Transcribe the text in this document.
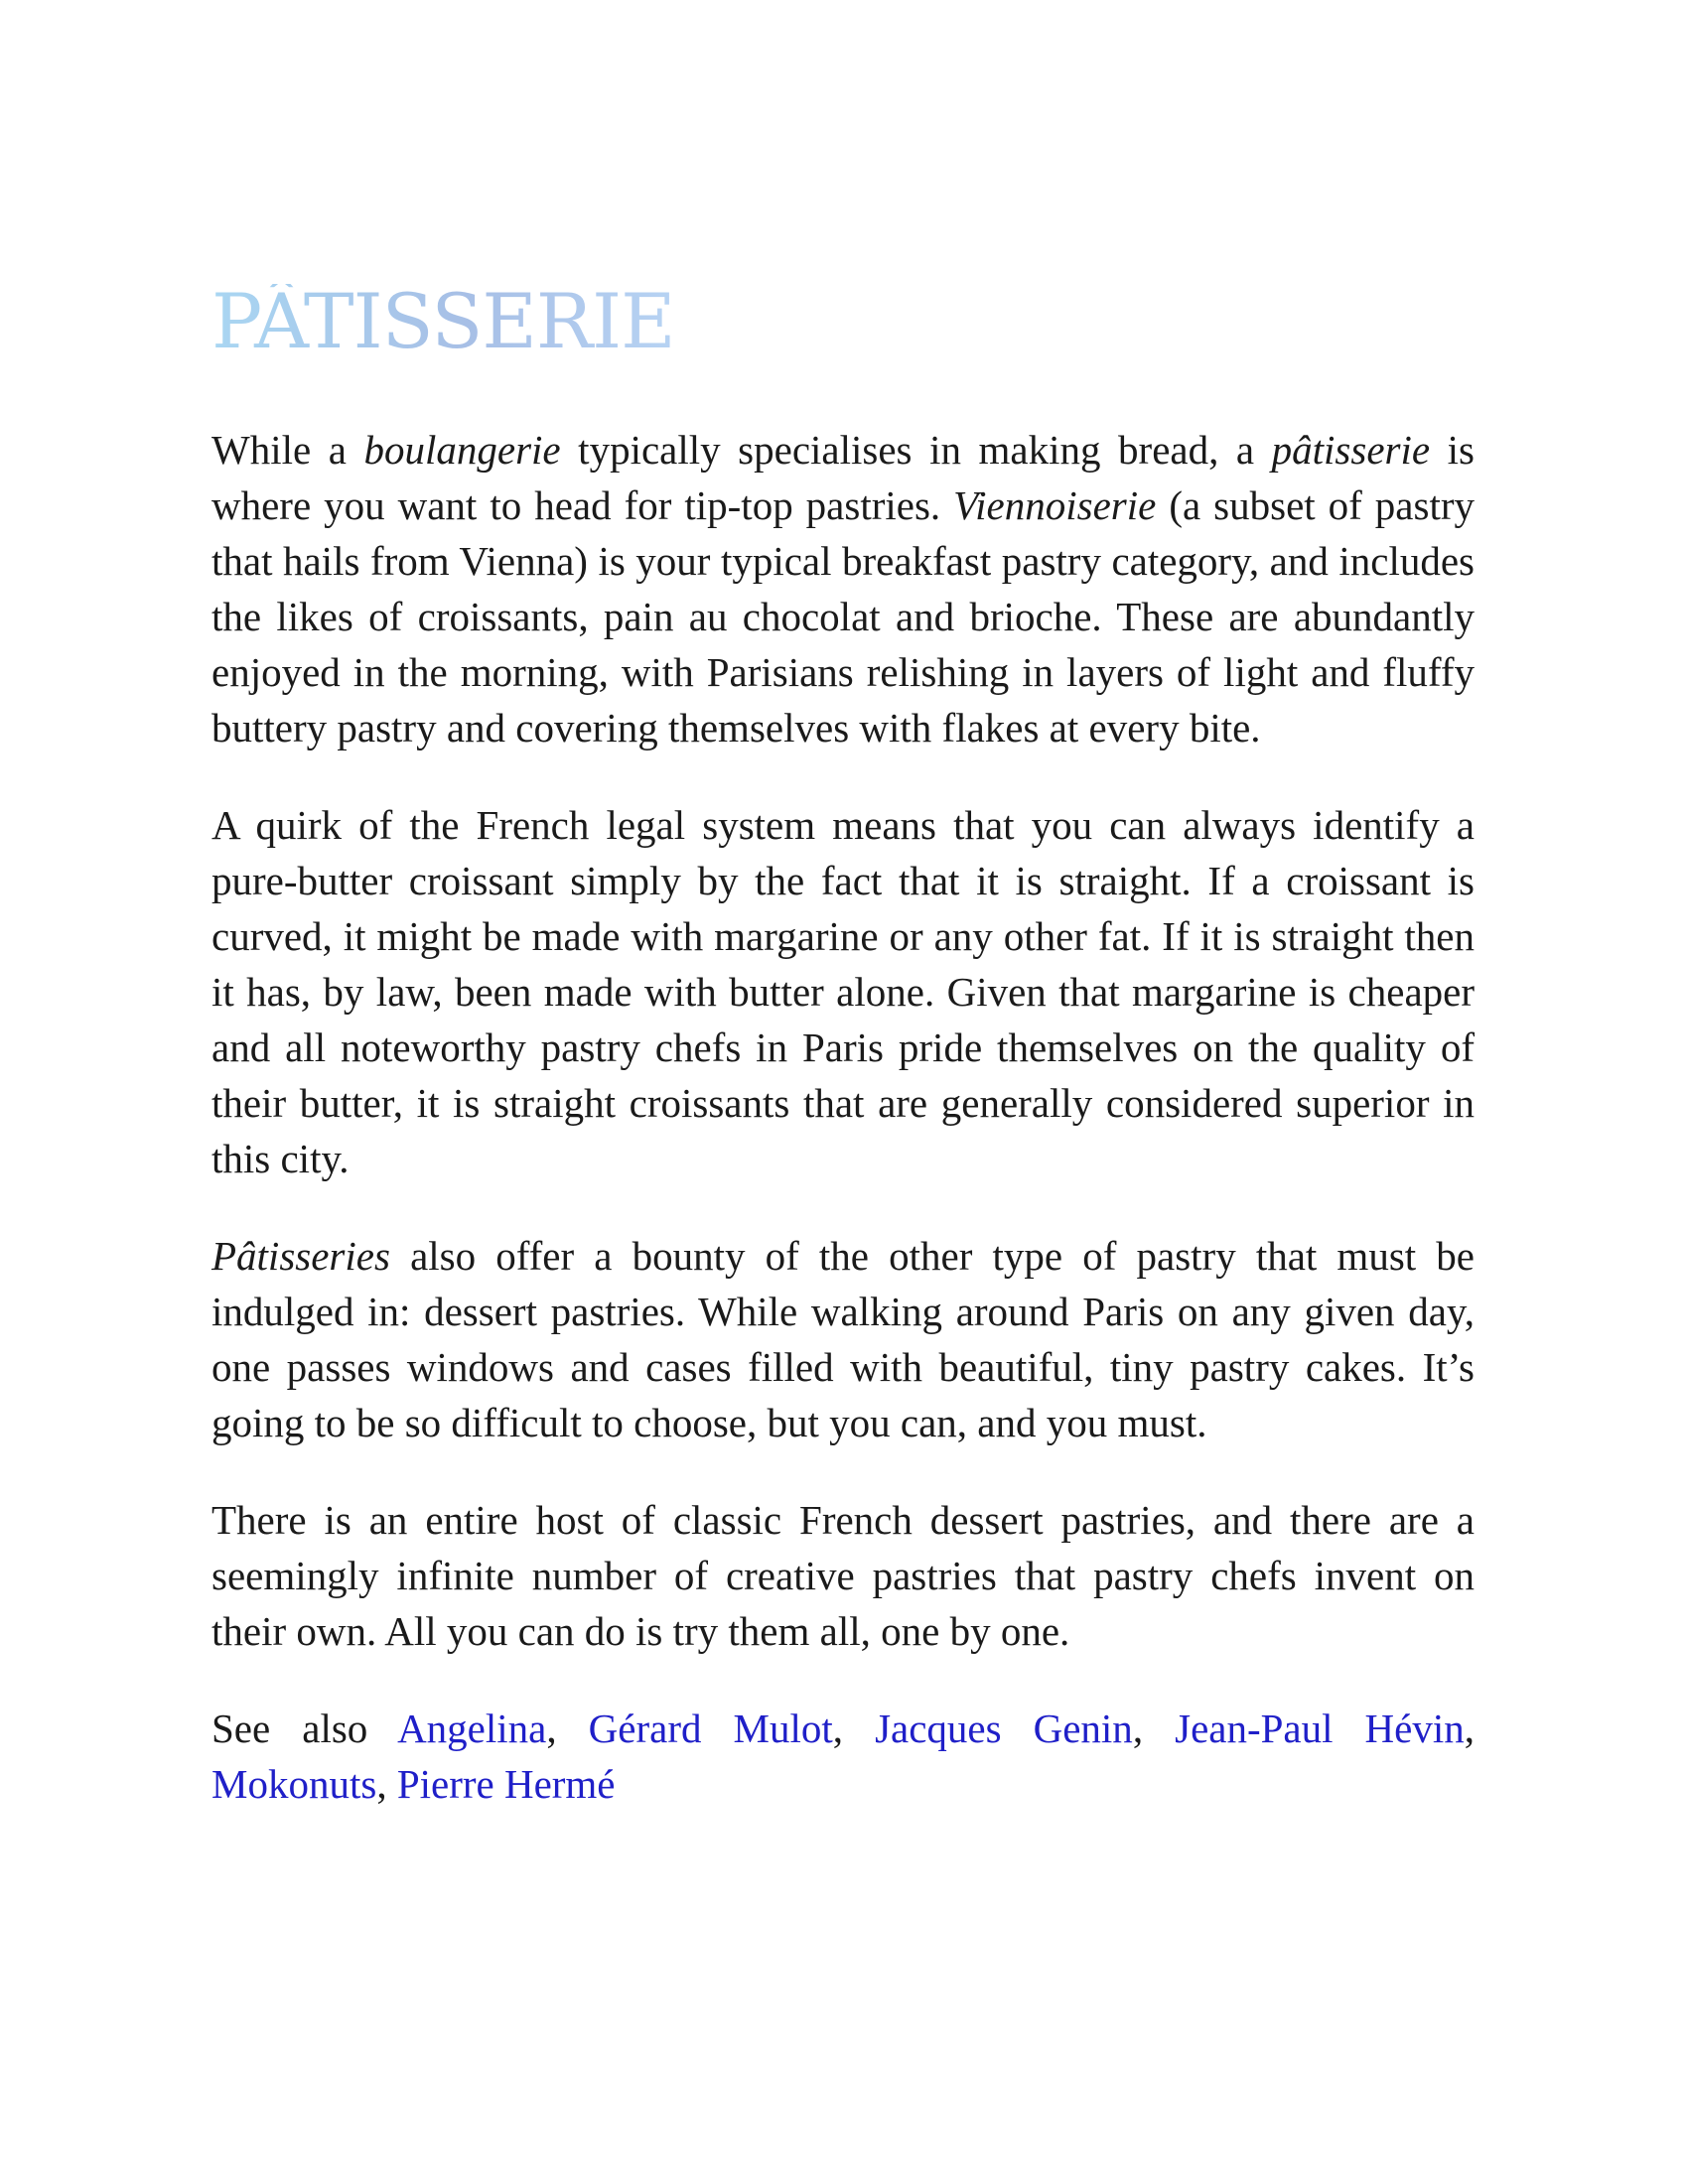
PÂTISSERIE

While a boulangerie typically specialises in making bread, a pâtisserie is where you want to head for tip-top pastries. Viennoiserie (a subset of pastry that hails from Vienna) is your typical breakfast pastry category, and includes the likes of croissants, pain au chocolat and brioche. These are abundantly enjoyed in the morning, with Parisians relishing in layers of light and fluffy buttery pastry and covering themselves with flakes at every bite.

A quirk of the French legal system means that you can always identify a pure-butter croissant simply by the fact that it is straight. If a croissant is curved, it might be made with margarine or any other fat. If it is straight then it has, by law, been made with butter alone. Given that margarine is cheaper and all noteworthy pastry chefs in Paris pride themselves on the quality of their butter, it is straight croissants that are generally considered superior in this city.

Pâtisseries also offer a bounty of the other type of pastry that must be indulged in: dessert pastries. While walking around Paris on any given day, one passes windows and cases filled with beautiful, tiny pastry cakes. It’s going to be so difficult to choose, but you can, and you must.

There is an entire host of classic French dessert pastries, and there are a seemingly infinite number of creative pastries that pastry chefs invent on their own. All you can do is try them all, one by one.

See also Angelina, Gérard Mulot, Jacques Genin, Jean-Paul Hévin, Mokonuts, Pierre Hermé
